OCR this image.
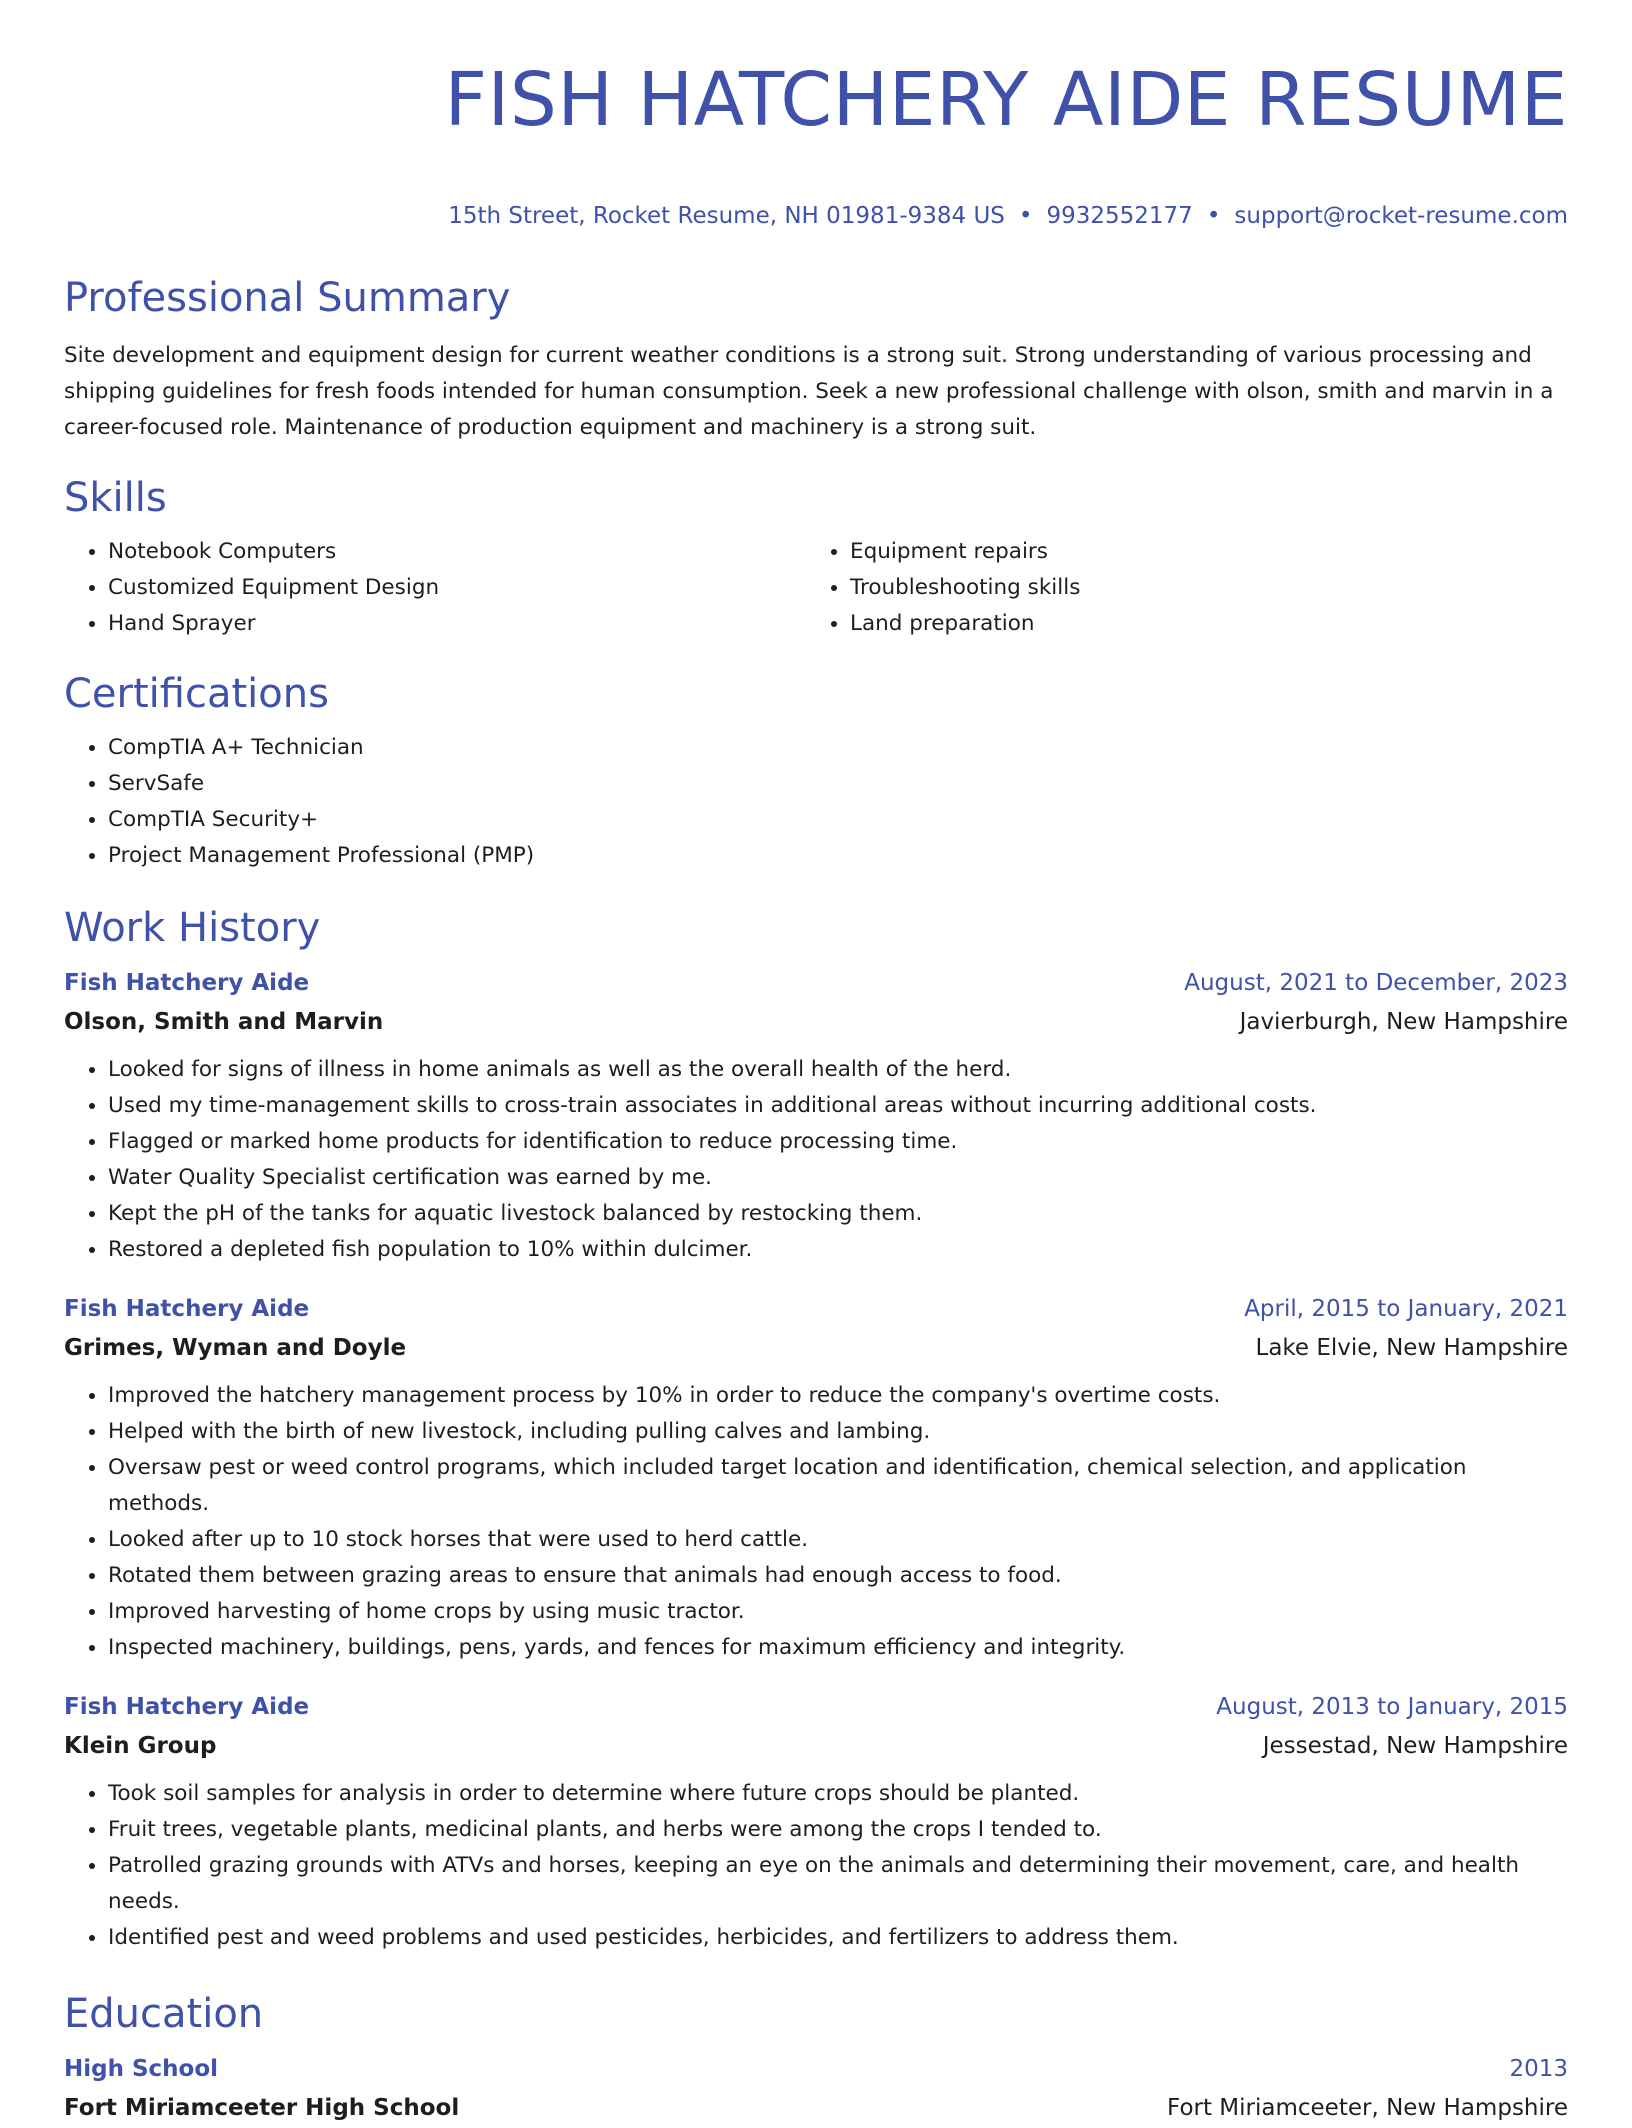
FISH HATCHERY AIDE RESUME
15th Street, Rocket Resume, NH 01981-9384 US • 9932552177 • support@rocket-resume.com
Professional Summary

Site development and equipment design for current weather conditions is a strong suit. Strong understanding of various processing and shipping guidelines for fresh foods intended for human consumption. Seek a new professional challenge with olson, smith and marvin in a career-focused role. Maintenance of production equipment and machinery is a strong suit.

Skills
• Notebook Computers
• Customized Equipment Design
• Hand Sprayer
• Equipment repairs
• Troubleshooting skills
• Land preparation
Certifications
• CompTIA A+ Technician
• ServSafe
• CompTIA Security+
• Project Management Professional (PMP)
Work History
Fish Hatchery Aide	August, 2021 to December, 2023
Olson, Smith and Marvin	Javierburgh, New Hampshire
• Looked for signs of illness in home animals as well as the overall health of the herd.
• Used my time-management skills to cross-train associates in additional areas without incurring additional costs.
• Flagged or marked home products for identification to reduce processing time.
• Water Quality Specialist certification was earned by me.
• Kept the pH of the tanks for aquatic livestock balanced by restocking them.
• Restored a depleted fish population to 10% within dulcimer.
Fish Hatchery Aide	April, 2015 to January, 2021
Grimes, Wyman and Doyle	Lake Elvie, New Hampshire
• Improved the hatchery management process by 10% in order to reduce the company's overtime costs.
• Helped with the birth of new livestock, including pulling calves and lambing.
• Oversaw pest or weed control programs, which included target location and identification, chemical selection, and application methods.
• Looked after up to 10 stock horses that were used to herd cattle.
• Rotated them between grazing areas to ensure that animals had enough access to food.
• Improved harvesting of home crops by using music tractor.
• Inspected machinery, buildings, pens, yards, and fences for maximum efficiency and integrity.
Fish Hatchery Aide	August, 2013 to January, 2015
Klein Group	Jessestad, New Hampshire
• Took soil samples for analysis in order to determine where future crops should be planted.
• Fruit trees, vegetable plants, medicinal plants, and herbs were among the crops I tended to.
• Patrolled grazing grounds with ATVs and horses, keeping an eye on the animals and determining their movement, care, and health needs.
• Identified pest and weed problems and used pesticides, herbicides, and fertilizers to address them.
Education
High School	2013
Fort Miriamceeter High School	Fort Miriamceeter, New Hampshire
